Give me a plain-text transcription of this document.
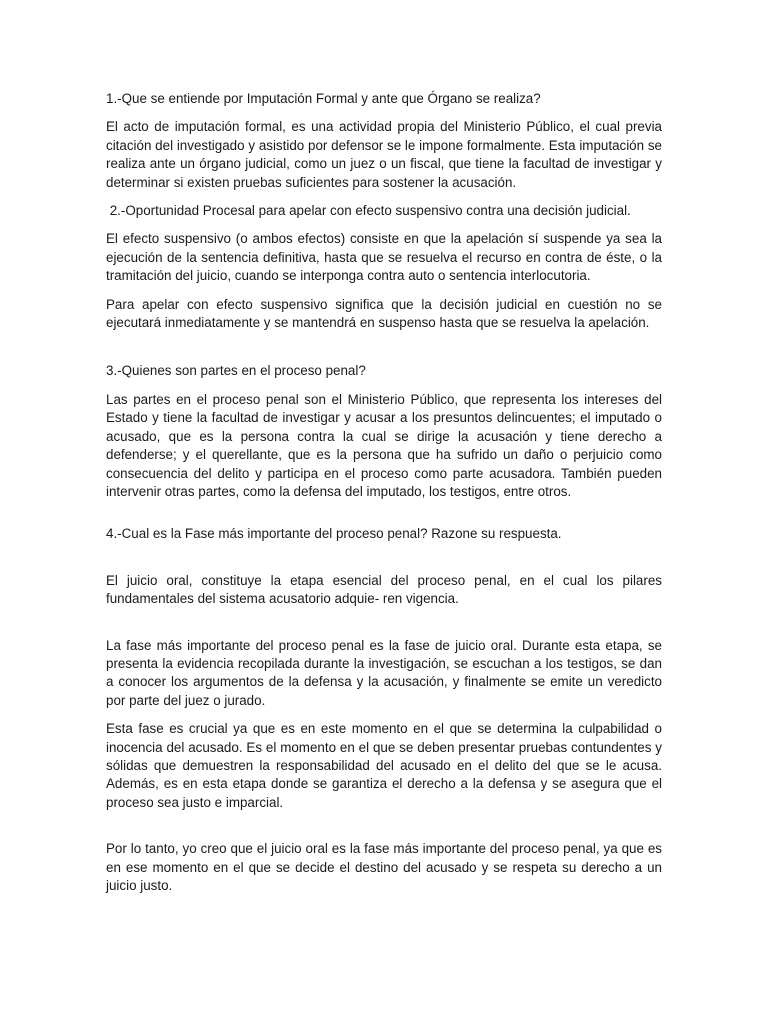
1.-Que se entiende por Imputación Formal y ante que Órgano se realiza?

El acto de imputación formal, es una actividad propia del Ministerio Público, el cual previa citación del investigado y asistido por defensor se le impone formalmente. Esta imputación se realiza ante un órgano judicial, como un juez o un fiscal, que tiene la facultad de investigar y determinar si existen pruebas suficientes para sostener la acusación.

2.-Oportunidad Procesal para apelar con efecto suspensivo contra una decisión judicial.

El efecto suspensivo (o ambos efectos) consiste en que la apelación sí suspende ya sea la ejecución de la sentencia definitiva, hasta que se resuelva el recurso en contra de éste, o la tramitación del juicio, cuando se interponga contra auto o sentencia interlocutoria.

Para apelar con efecto suspensivo significa que la decisión judicial en cuestión no se ejecutará inmediatamente y se mantendrá en suspenso hasta que se resuelva la apelación.

3.-Quienes son partes en el proceso penal?

Las partes en el proceso penal son el Ministerio Público, que representa los intereses del Estado y tiene la facultad de investigar y acusar a los presuntos delincuentes; el imputado o acusado, que es la persona contra la cual se dirige la acusación y tiene derecho a defenderse; y el querellante, que es la persona que ha sufrido un daño o perjuicio como consecuencia del delito y participa en el proceso como parte acusadora. También pueden intervenir otras partes, como la defensa del imputado, los testigos, entre otros.

4.-Cual es la Fase más importante del proceso penal? Razone su respuesta.

El juicio oral, constituye la etapa esencial del proceso penal, en el cual los pilares fundamentales del sistema acusatorio adquie- ren vigencia.

La fase más importante del proceso penal es la fase de juicio oral. Durante esta etapa, se presenta la evidencia recopilada durante la investigación, se escuchan a los testigos, se dan a conocer los argumentos de la defensa y la acusación, y finalmente se emite un veredicto por parte del juez o jurado.

Esta fase es crucial ya que es en este momento en el que se determina la culpabilidad o inocencia del acusado. Es el momento en el que se deben presentar pruebas contundentes y sólidas que demuestren la responsabilidad del acusado en el delito del que se le acusa. Además, es en esta etapa donde se garantiza el derecho a la defensa y se asegura que el proceso sea justo e imparcial.

Por lo tanto, yo creo que el juicio oral es la fase más importante del proceso penal, ya que es en ese momento en el que se decide el destino del acusado y se respeta su derecho a un juicio justo.
